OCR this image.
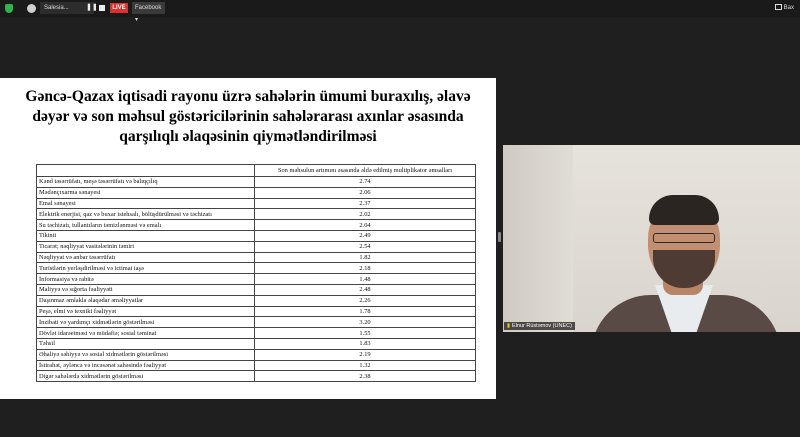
Salesia...	❚❚	LIVE	Facebook ▾
Bax
Gəncə-Qazax iqtisadi rayonu üzrə sahələrin ümumi buraxılış, əlavə dəyər və son məhsul göstəricilərinin sahələrarası axınlar əsasında qarşılıqlı əlaqəsinin qiymətləndirilməsi
	Son məhsulun artımını əsasında əldə edilmiş multiplikator əmsalları
Kənd təsərrüfatı, meşə təsərrüfatı və balıqçılıq	2.74
Mədənçıxarma sənayesi	2.06
Emal sənayesi	2.37
Elektrik enerjisi, qaz və buxar istehsalı, bölüşdürülməsi və təchizatı	2.02
Su təchizatı, tullantıların təmizlənməsi və emalı	2.04
Tikinti	2.49
Ticarət; nəqliyyat vasitələrinin təmiri	2.54
Nəqliyyat və anbar təsərrüfatı	1.82
Turistlərin yerləşdirilməsi və ictimai iaşə	2.18
İnformasiya və rabitə	1.48
Maliyyə və sığorta fəaliyyəti	2.48
Daşınmaz əmlakla əlaqədar əməliyyatlar	2.26
Peşə, elmi və texniki fəaliyyət	1.78
İnzibati və yardımçı xidmətlərin göstərilməsi	3.20
Dövlət idarəetməsi və müdafiə; sosial təminat	1.55
Təhsil	1.83
Əhaliyə səhiyyə və sosial xidmətlərin göstərilməsi	2.19
İstirahət, əyləncə və incəsənət sahəsində fəaliyyət	1.32
Digər sahələrdə xidmətlərin göstərilməsi	2.38
▮ Elnur Rüstəmov (UNEC)
